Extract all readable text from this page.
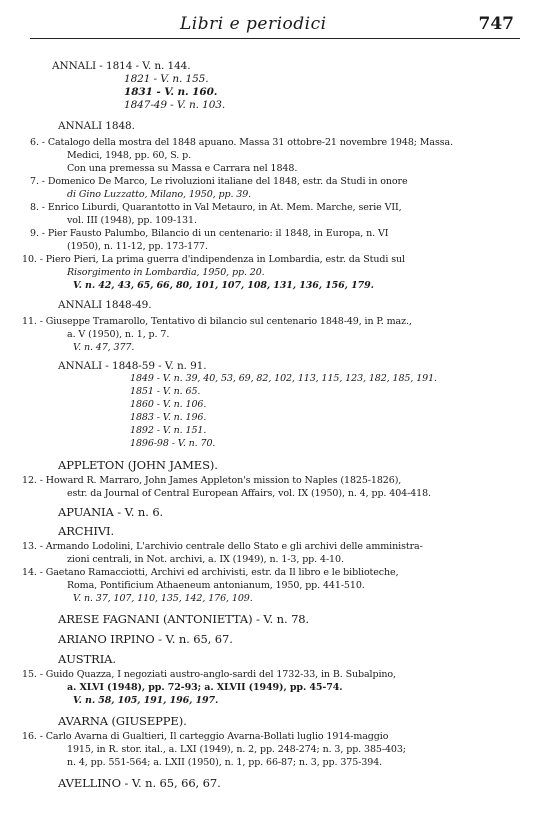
Libri e periodici	747
ANNALI - 1814 - V. n. 144.
1821 - V. n. 155.
1831 - V. n. 160.
1847-49 - V. n. 103.
ANNALI 1848.
6. - Catalogo della mostra del 1848 apuano. Massa 31 ottobre-21 novembre 1948; Massa.
Medici, 1948, pp. 60, S. p.
Con una premessa su Massa e Carrara nel 1848.
7. - Domenico De Marco, Le rivoluzioni italiane del 1848, estr. da Studi in onore
di Gino Luzzatto, Milano, 1950, pp. 39.
8. - Enrico Liburdi, Quarantotto in Val Metauro, in At. Mem. Marche, serie VII,
vol. III (1948), pp. 109-131.
9. - Pier Fausto Palumbo, Bilancio di un centenario: il 1848, in Europa, n. VI
(1950), n. 11-12, pp. 173-177.
10. - Piero Pieri, La prima guerra d'indipendenza in Lombardia, estr. da Studi sul
Risorgimento in Lombardia, 1950, pp. 20.
V. n. 42, 43, 65, 66, 80, 101, 107, 108, 131, 136, 156, 179.
ANNALI 1848-49.
11. - Giuseppe Tramarollo, Tentativo di bilancio sul centenario 1848-49, in P. maz.,
a. V (1950), n. 1, p. 7.
V. n. 47, 377.
ANNALI - 1848-59 - V. n. 91.
1849 - V. n. 39, 40, 53, 69, 82, 102, 113, 115, 123, 182, 185, 191.
1851 - V. n. 65.
1860 - V. n. 106.
1883 - V. n. 196.
1892 - V. n. 151.
1896-98 - V. n. 70.
APPLETON (JOHN JAMES).
12. - Howard R. Marraro, John James Appleton's mission to Naples (1825-1826),
estr. da Journal of Central European Affairs, vol. IX (1950), n. 4, pp. 404-418.
APUANIA - V. n. 6.
ARCHIVI.
13. - Armando Lodolini, L'archivio centrale dello Stato e gli archivi delle amministra-
zioni centrali, in Not. archivi, a. IX (1949), n. 1-3, pp. 4-10.
14. - Gaetano Ramacciotti, Archivi ed archivisti, estr. da Il libro e le biblioteche,
Roma, Pontificium Athaeneum antonianum, 1950, pp. 441-510.
V. n. 37, 107, 110, 135, 142, 176, 109.
ARESE FAGNANI (ANTONIETTA) - V. n. 78.
ARIANO IRPINO - V. n. 65, 67.
AUSTRIA.
15. - Guido Quazza, I negoziati austro-anglo-sardi del 1732-33, in B. Subalpino,
a. XLVI (1948), pp. 72-93; a. XLVII (1949), pp. 45-74.
V. n. 58, 105, 191, 196, 197.
AVARNA (GIUSEPPE).
16. - Carlo Avarna di Gualtieri, Il carteggio Avarna-Bollati luglio 1914-maggio
1915, in R. stor. ital., a. LXI (1949), n. 2, pp. 248-274; n. 3, pp. 385-403;
n. 4, pp. 551-564; a. LXII (1950), n. 1, pp. 66-87; n. 3, pp. 375-394.
AVELLINO - V. n. 65, 66, 67.
